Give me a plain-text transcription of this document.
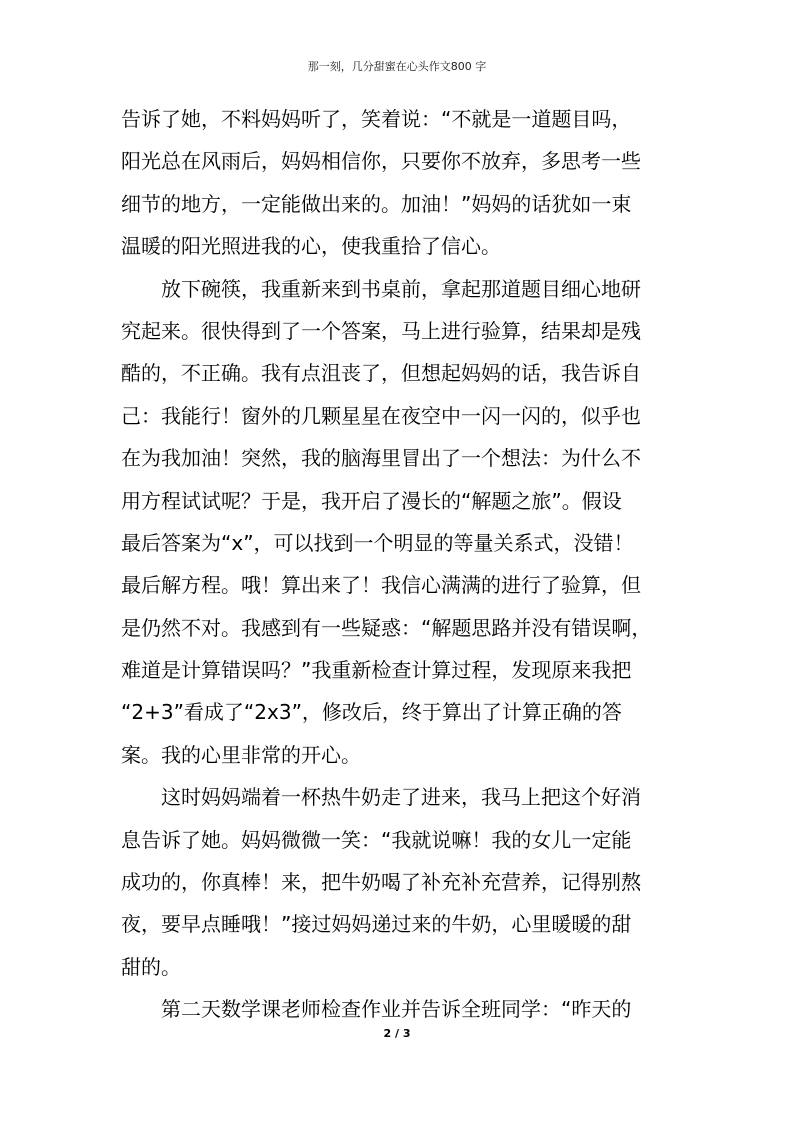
那一刻，几分甜蜜在心头作文800 字
告诉了她，不料妈妈听了，笑着说：“不就是一道题目吗，
阳光总在风雨后，妈妈相信你，只要你不放弃，多思考一些
细节的地方，一定能做出来的。加油！”妈妈的话犹如一束
温暖的阳光照进我的心，使我重拾了信心。
放下碗筷，我重新来到书桌前，拿起那道题目细心地研
究起来。很快得到了一个答案，马上进行验算，结果却是残
酷的，不正确。我有点沮丧了，但想起妈妈的话，我告诉自
己：我能行！窗外的几颗星星在夜空中一闪一闪的，似乎也
在为我加油！突然，我的脑海里冒出了一个想法：为什么不
用方程试试呢？于是，我开启了漫长的“解题之旅”。假设
最后答案为“x”，可以找到一个明显的等量关系式，没错！
最后解方程。哦！算出来了！我信心满满的进行了验算，但
是仍然不对。我感到有一些疑惑：“解题思路并没有错误啊，
难道是计算错误吗？”我重新检查计算过程，发现原来我把
“2+3”看成了“2x3”，修改后，终于算出了计算正确的答
案。我的心里非常的开心。
这时妈妈端着一杯热牛奶走了进来，我马上把这个好消
息告诉了她。妈妈微微一笑：“我就说嘛！我的女儿一定能
成功的，你真棒！来，把牛奶喝了补充补充营养，记得别熬
夜，要早点睡哦！”接过妈妈递过来的牛奶，心里暖暖的甜
甜的。
第二天数学课老师检查作业并告诉全班同学：“昨天的
2 / 3
